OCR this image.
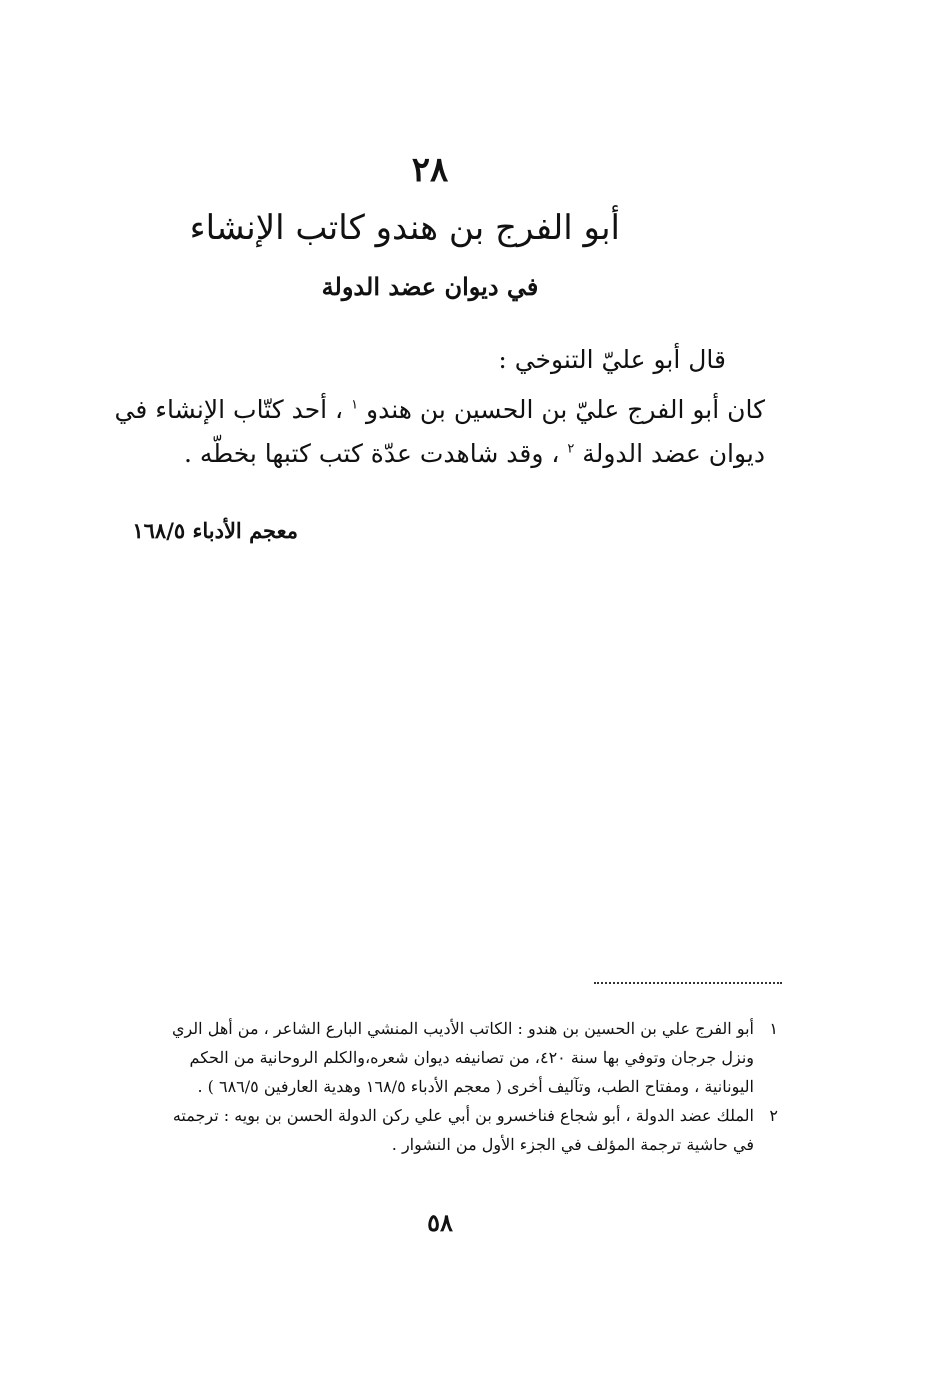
٢٨
أبو الفرج بن هندو كاتب الإنشاء
في ديوان عضد الدولة
قال أبو عليّ التنوخي :
كان أبو الفرج عليّ بن الحسين بن هندو $^١$ ، أحد كتّاب الإنشاء في
ديوان عضد الدولة $^٢$ ، وقد شاهدت عدّة كتب كتبها بخطّه .
معجم الأدباء ١٦٨/٥
١أبو الفرج علي بن الحسين بن هندو : الكاتب الأديب المنشي البارع الشاعر ، من أهل الري
ونزل جرجان وتوفي بها سنة ٤٢٠، من تصانيفه ديوان شعره،والكلم الروحانية من الحكم
اليونانية ، ومفتاح الطب، وتآليف أخرى ( معجم الأدباء ١٦٨/٥ وهدية العارفين ٦٨٦/٥ ) .
٢الملك عضد الدولة ، أبو شجاع فناخسرو بن أبي علي ركن الدولة الحسن بن بويه : ترجمته
في حاشية ترجمة المؤلف في الجزء الأول من النشوار .
٥٨
